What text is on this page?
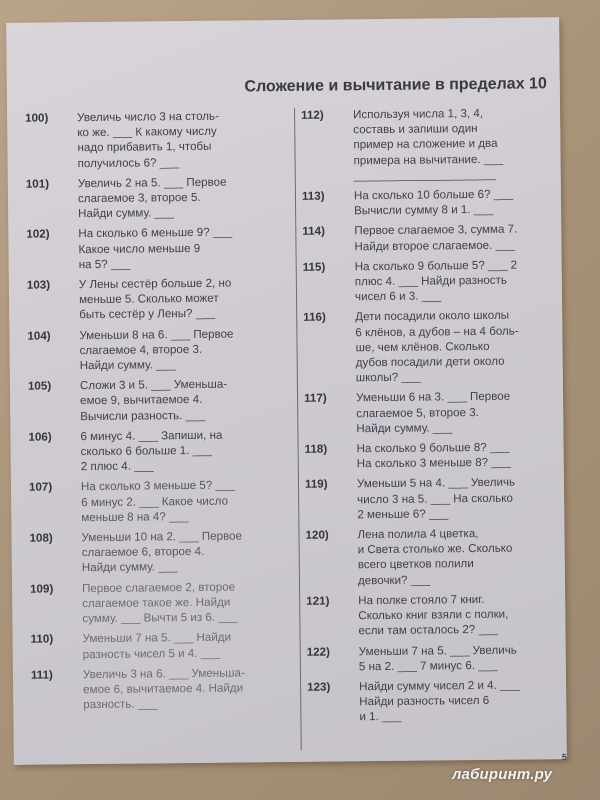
Сложение и вычитание в пределах 10
100) Увеличь число 3 на столь-
ко же. ___ К какому числу
надо прибавить 1, чтобы
получилось 6? ___
101) Увеличь 2 на 5. ___ Первое
слагаемое 3, второе 5.
Найди сумму. ___
102) На сколько 6 меньше 9? ___
Какое число меньше 9
на 5? ___
103) У Лены сестёр больше 2, но
меньше 5. Сколько может
быть сестёр у Лены? ___
104) Уменьши 8 на 6. ___ Первое
слагаемое 4, второе 3.
Найди сумму. ___
105) Сложи 3 и 5. ___ Уменьша-
емое 9, вычитаемое 4.
Вычисли разность. ___
106) 6 минус 4. ___ Запиши, на
сколько 6 больше 1. ___
2 плюс 4. ___
107) На сколько 3 меньше 5? ___
6 минус 2. ___ Какое число
меньше 8 на 4? ___
108) Уменьши 10 на 2. ___ Первое
слагаемое 6, второе 4.
Найди сумму. ___
109) Первое слагаемое 2, второе
слагаемое такое же. Найди
сумму. ___ Вычти 5 из 6. ___
110)	Уменьши 7 на 5. ___ Найди
разность чисел 5 и 4. ___
111)	Увеличь 3 на 6. ___ Уменьша-
емое 6, вычитаемое 4. Найди
разность. ___
112)	Используя числа 1, 3, 4,
составь и запиши один
пример на сложение и два
примера на вычитание. ___
______________________
113)	На сколько 10 больше 6? ___
Вычисли сумму 8 и 1. ___
114)	Первое слагаемое 3, сумма 7.
Найди второе слагаемое. ___
115)	На сколько 9 больше 5? ___ 2
плюс 4. ___ Найди разность
чисел 6 и 3. ___
116)	Дети посадили около школы
6 клёнов, а дубов – на 4 боль-
ше, чем клёнов. Сколько
дубов посадили дети около
школы? ___
117)	Уменьши 6 на 3. ___ Первое
слагаемое 5, второе 3.
Найди сумму. ___
118)	На сколько 9 больше 8? ___
На сколько 3 меньше 8? ___
119)	Уменьши 5 на 4. ___ Увеличь
число 3 на 5. ___ На сколько
2 меньше 6? ___
120) Лена полила 4 цветка,
и Света столько же. Сколько
всего цветков полили
девочки? ___
121) На полке стояло 7 книг.
Сколько книг взяли с полки,
если там осталось 2? ___
122) Уменьши 7 на 5. ___ Увеличь
5 на 2. ___ 7 минус 6. ___
123) Найди сумму чисел 2 и 4. ___
Найди разность чисел 6
и 1. ___
5
лабиринт.ру
